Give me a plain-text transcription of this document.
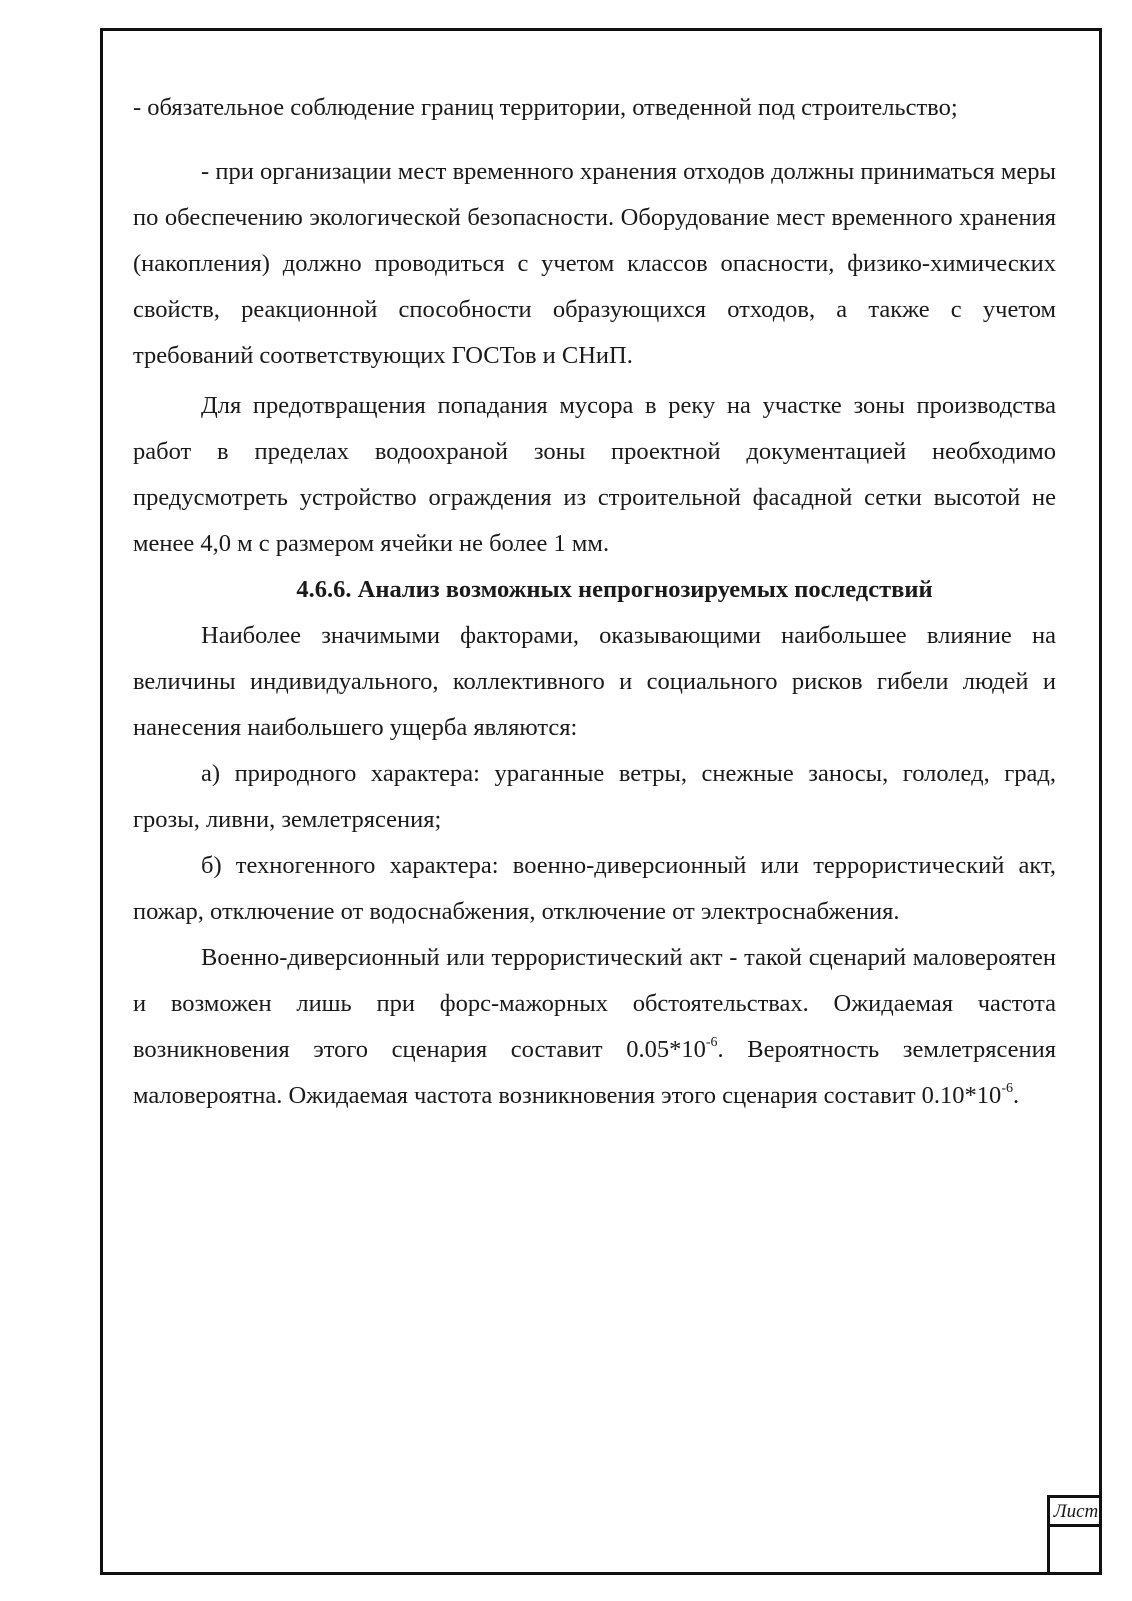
- обязательное соблюдение границ территории, отведенной под строительство;

- при организации мест временного хранения отходов должны приниматься меры по обеспечению экологической безопасности. Оборудование мест временного хранения (накопления) должно проводиться с учетом классов опасности, физико-химических свойств, реакционной способности образующихся отходов, а также с учетом требований соответствующих ГОСТов и СНиП.

Для предотвращения попадания мусора в реку на участке зоны производства работ в пределах водоохраной зоны проектной документацией необходимо предусмотреть устройство ограждения из строительной фасадной сетки высотой не менее 4,0 м с размером ячейки не более 1 мм.

4.6.6. Анализ возможных непрогнозируемых последствий

Наиболее значимыми факторами, оказывающими наибольшее влияние на величины индивидуального, коллективного и социального рисков гибели людей и нанесения наибольшего ущерба являются:

а) природного характера: ураганные ветры, снежные заносы, гололед, град, грозы, ливни, землетрясения;

б) техногенного характера: военно-диверсионный или террористический акт, пожар, отключение от водоснабжения, отключение от электроснабжения.

Военно-диверсионный или террористический акт - такой сценарий маловероятен и возможен лишь при форс-мажорных обстоятельствах. Ожидаемая частота возникновения этого сценария составит $0.05*10^{-6}$. Вероятность землетрясения маловероятна. Ожидаемая частота возникновения этого сценария составит $0.10*10^{-6}$.

Лист
